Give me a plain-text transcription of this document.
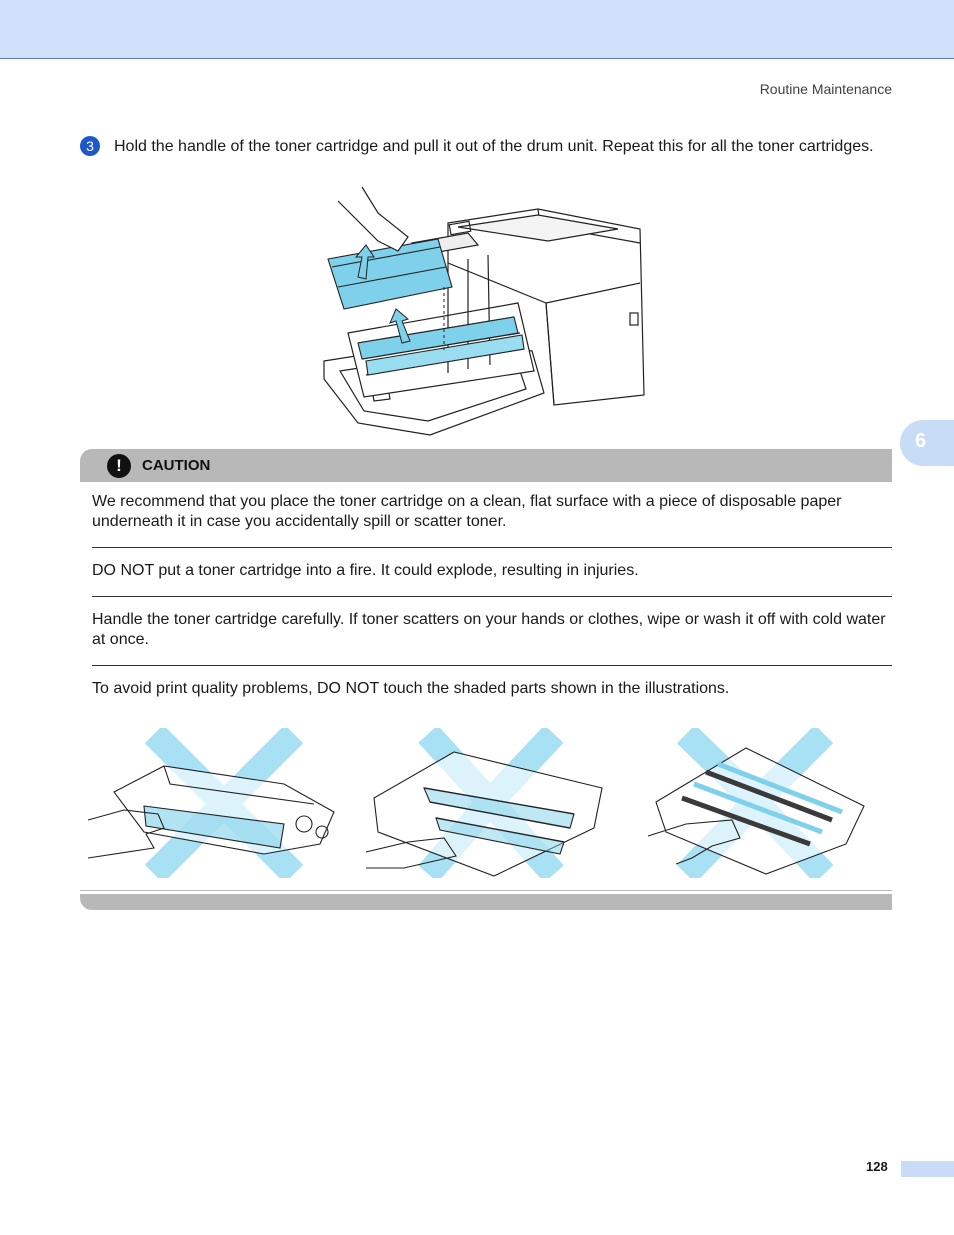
Routine Maintenance
6
3	Hold the handle of the toner cartridge and pull it out of the drum unit. Repeat this for all the toner cartridges.
!	CAUTION
We recommend that you place the toner cartridge on a clean, flat surface with a piece of disposable paper underneath it in case you accidentally spill or scatter toner.
DO NOT put a toner cartridge into a fire. It could explode, resulting in injuries.
Handle the toner cartridge carefully. If toner scatters on your hands or clothes, wipe or wash it off with cold water at once.
To avoid print quality problems, DO NOT touch the shaded parts shown in the illustrations.
128
